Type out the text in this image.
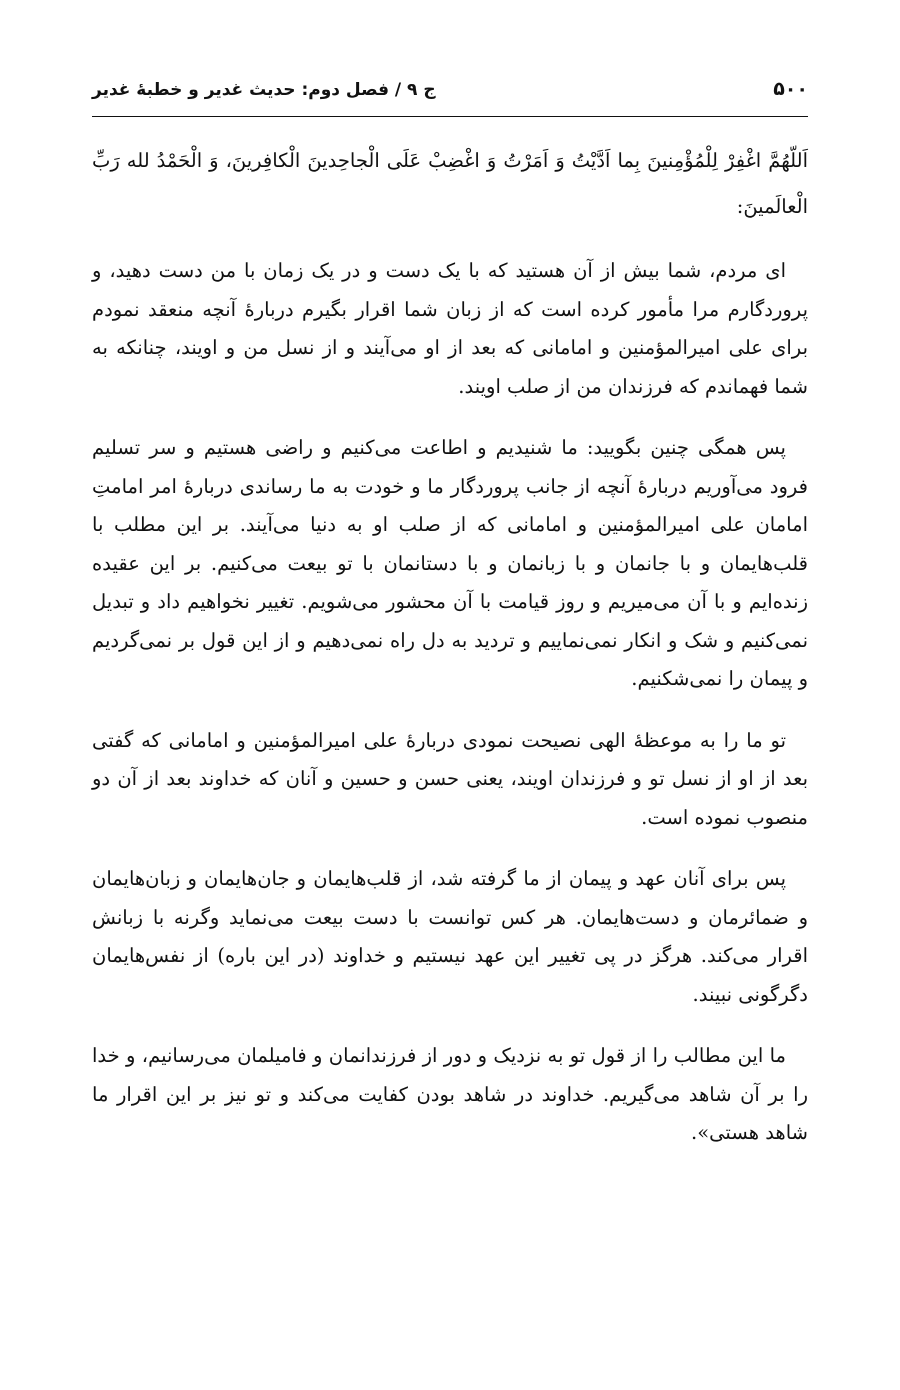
۵۰۰
ج ۹ / فصل دوم: حدیث غدیر و خطبهٔ غدیر

اَللّهُمَّ اغْفِرْ لِلْمُؤْمِنینَ بِما اَدَّیْتُ وَ اَمَرْتُ وَ اغْضِبْ عَلَی الْجاحِدینَ الْکافِرینَ، وَ الْحَمْدُ لله رَبِّ الْعالَمینَ:

ای مردم، شما بیش از آن هستید که با یک دست و در یک زمان با من دست دهید، و پروردگارم مرا مأمور کرده است که از زبان شما اقرار بگیرم دربارهٔ آنچه منعقد نمودم برای علی امیرالمؤمنین و امامانی که بعد از او می‌آیند و از نسل من و اویند، چنانکه به شما فهماندم که فرزندان من از صلب اویند.

پس همگی چنین بگویید: ما شنیدیم و اطاعت می‌کنیم و راضی هستیم و سر تسلیم فرود می‌آوریم دربارهٔ آنچه از جانب پروردگار ما و خودت به ما رساندی دربارهٔ امر امامتِ امامان علی امیرالمؤمنین و امامانی که از صلب او به دنیا می‌آیند. بر این مطلب با قلب‌هایمان و با جانمان و با زبانمان و با دستانمان با تو بیعت می‌کنیم. بر این عقیده زنده‌ایم و با آن می‌میریم و روز قیامت با آن محشور می‌شویم. تغییر نخواهیم داد و تبدیل نمی‌کنیم و شک و انکار نمی‌نماییم و تردید به دل راه نمی‌دهیم و از این قول بر نمی‌گردیم و پیمان را نمی‌شکنیم.

تو ما را به موعظهٔ الهی نصیحت نمودی دربارهٔ علی امیرالمؤمنین و امامانی که گفتی بعد از او از نسل تو و فرزندان اویند، یعنی حسن و حسین و آنان که خداوند بعد از آن دو منصوب نموده است.

پس برای آنان عهد و پیمان از ما گرفته شد، از قلب‌هایمان و جان‌هایمان و زبان‌هایمان و ضمائرمان و دست‌هایمان. هر کس توانست با دست بیعت می‌نماید وگرنه با زبانش اقرار می‌کند. هرگز در پی تغییر این عهد نیستیم و خداوند (در این باره) از نفس‌هایمان دگرگونی نبیند.

ما این مطالب را از قول تو به نزدیک و دور از فرزندانمان و فامیلمان می‌رسانیم، و خدا را بر آن شاهد می‌گیریم. خداوند در شاهد بودن کفایت می‌کند و تو نیز بر این اقرار ما شاهد هستی».
